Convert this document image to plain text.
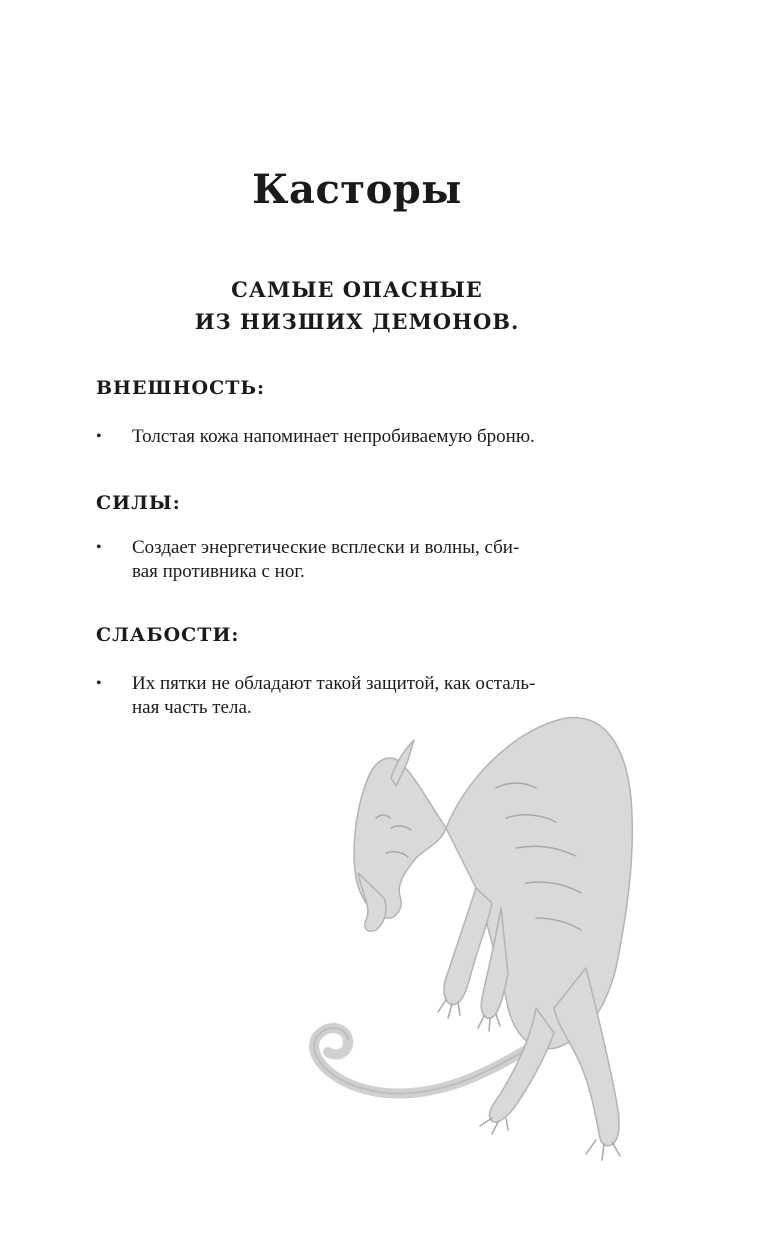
Касторы
САМЫЕ ОПАСНЫЕ
ИЗ НИЗШИХ ДЕМОНОВ.
ВНЕШНОСТЬ:
• Толстая кожа напоминает непробиваемую броню.
СИЛЫ:
• Создает энергетические всплески и волны, сби-
вая противника с ног.
СЛАБОСТИ:
• Их пятки не обладают такой защитой, как осталь-
ная часть тела.
